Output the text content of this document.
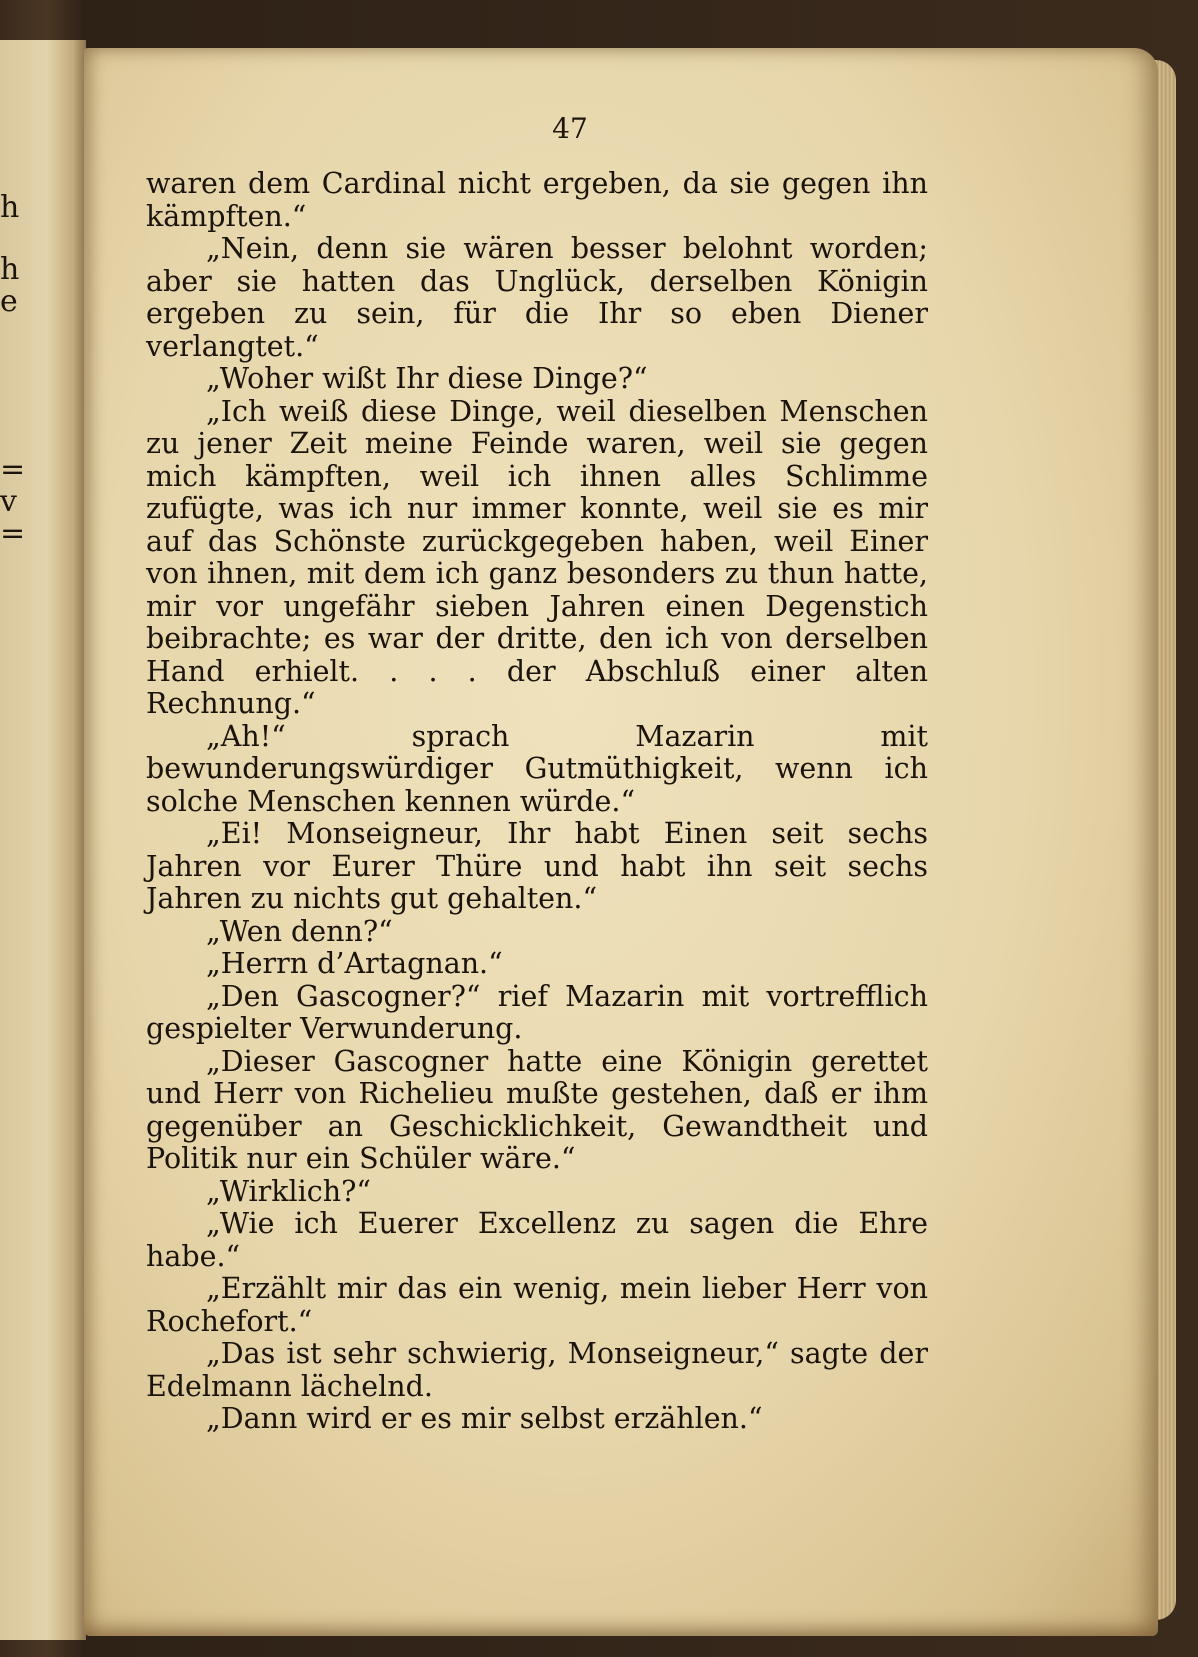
h
h
e
=
v
=
47

waren dem Cardinal nicht ergeben, da sie gegen ihn kämpften.“

„Nein, denn sie wären besser belohnt worden; aber sie hatten das Unglück, derselben Königin ergeben zu sein, für die Ihr so eben Diener verlangtet.“

„Woher wißt Ihr diese Dinge?“

„Ich weiß diese Dinge, weil dieselben Menschen zu jener Zeit meine Feinde waren, weil sie gegen mich kämpften, weil ich ihnen alles Schlimme zufügte, was ich nur immer konnte, weil sie es mir auf das Schönste zurückgegeben haben, weil Einer von ihnen, mit dem ich ganz besonders zu thun hatte, mir vor ungefähr sieben Jahren einen Degenstich beibrachte; es war der dritte, den ich von derselben Hand erhielt. . . . der Abschluß einer alten Rechnung.“

„Ah!“ sprach Mazarin mit bewunderungswürdiger Gutmüthigkeit, wenn ich solche Menschen kennen würde.“

„Ei! Monseigneur, Ihr habt Einen seit sechs Jahren vor Eurer Thüre und habt ihn seit sechs Jahren zu nichts gut gehalten.“

„Wen denn?“

„Herrn d’Artagnan.“

„Den Gascogner?“ rief Mazarin mit vortrefflich gespielter Verwunderung.

„Dieser Gascogner hatte eine Königin gerettet und Herr von Richelieu mußte gestehen, daß er ihm gegenüber an Geschicklichkeit, Gewandtheit und Politik nur ein Schüler wäre.“

„Wirklich?“

„Wie ich Euerer Excellenz zu sagen die Ehre habe.“

„Erzählt mir das ein wenig, mein lieber Herr von Rochefort.“

„Das ist sehr schwierig, Monseigneur,“ sagte der Edelmann lächelnd.

„Dann wird er es mir selbst erzählen.“
